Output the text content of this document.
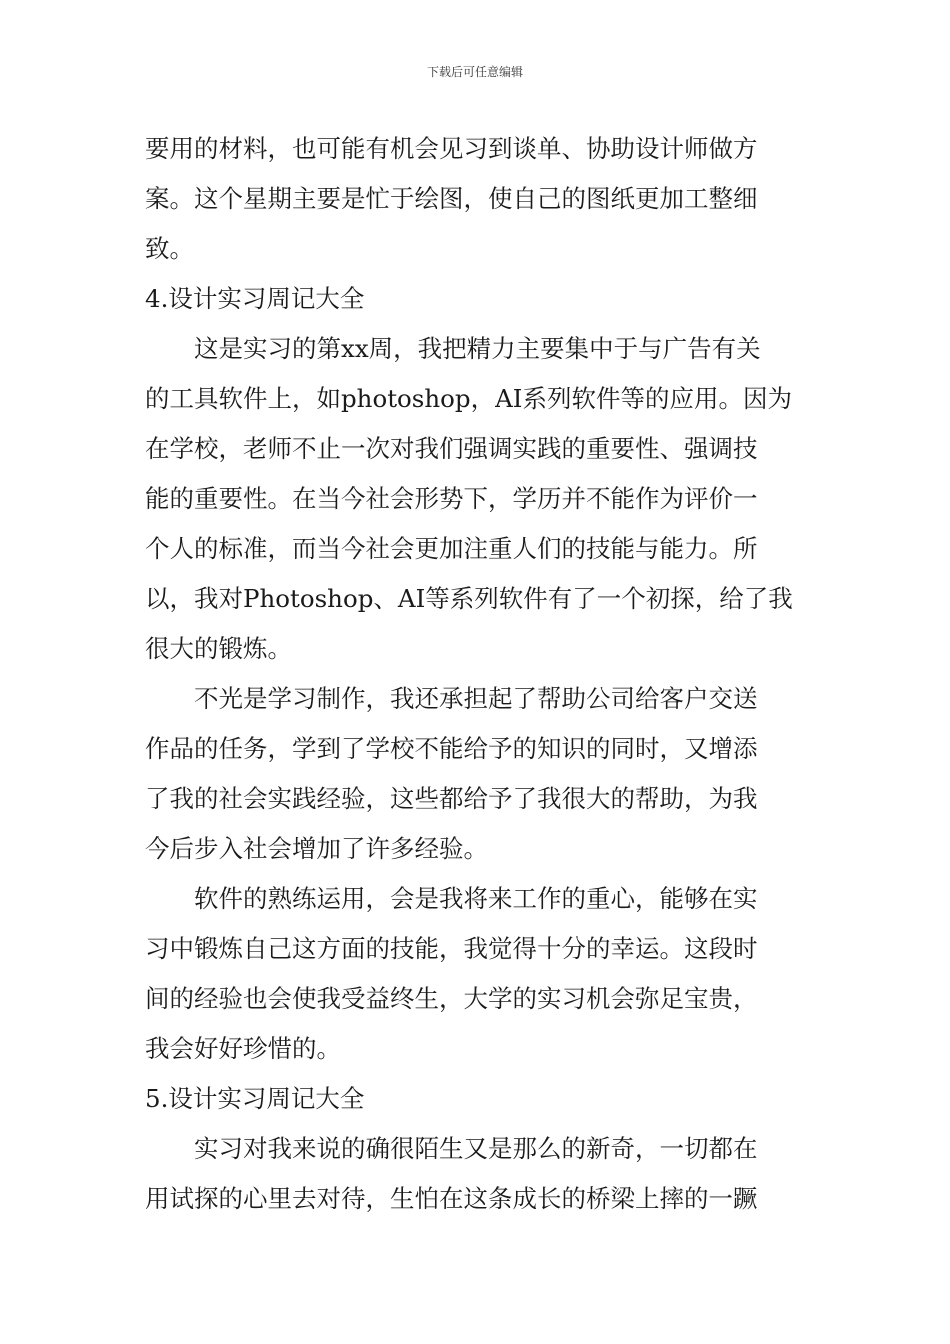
下载后可任意编辑
要用的材料，也可能有机会见习到谈单、协助设计师做方
案。这个星期主要是忙于绘图，使自己的图纸更加工整细
致。
4.设计实习周记大全
　　这是实习的第xx周，我把精力主要集中于与广告有关
的工具软件上，如photoshop，AI系列软件等的应用。因为
在学校，老师不止一次对我们强调实践的重要性、强调技
能的重要性。在当今社会形势下，学历并不能作为评价一
个人的标准，而当今社会更加注重人们的技能与能力。所
以，我对Photoshop、AI等系列软件有了一个初探，给了我
很大的锻炼。
　　不光是学习制作，我还承担起了帮助公司给客户交送
作品的任务，学到了学校不能给予的知识的同时，又增添
了我的社会实践经验，这些都给予了我很大的帮助，为我
今后步入社会增加了许多经验。
　　软件的熟练运用，会是我将来工作的重心，能够在实
习中锻炼自己这方面的技能，我觉得十分的幸运。这段时
间的经验也会使我受益终生，大学的实习机会弥足宝贵，
我会好好珍惜的。
5.设计实习周记大全
　　实习对我来说的确很陌生又是那么的新奇，一切都在
用试探的心里去对待，生怕在这条成长的桥梁上摔的一蹶
